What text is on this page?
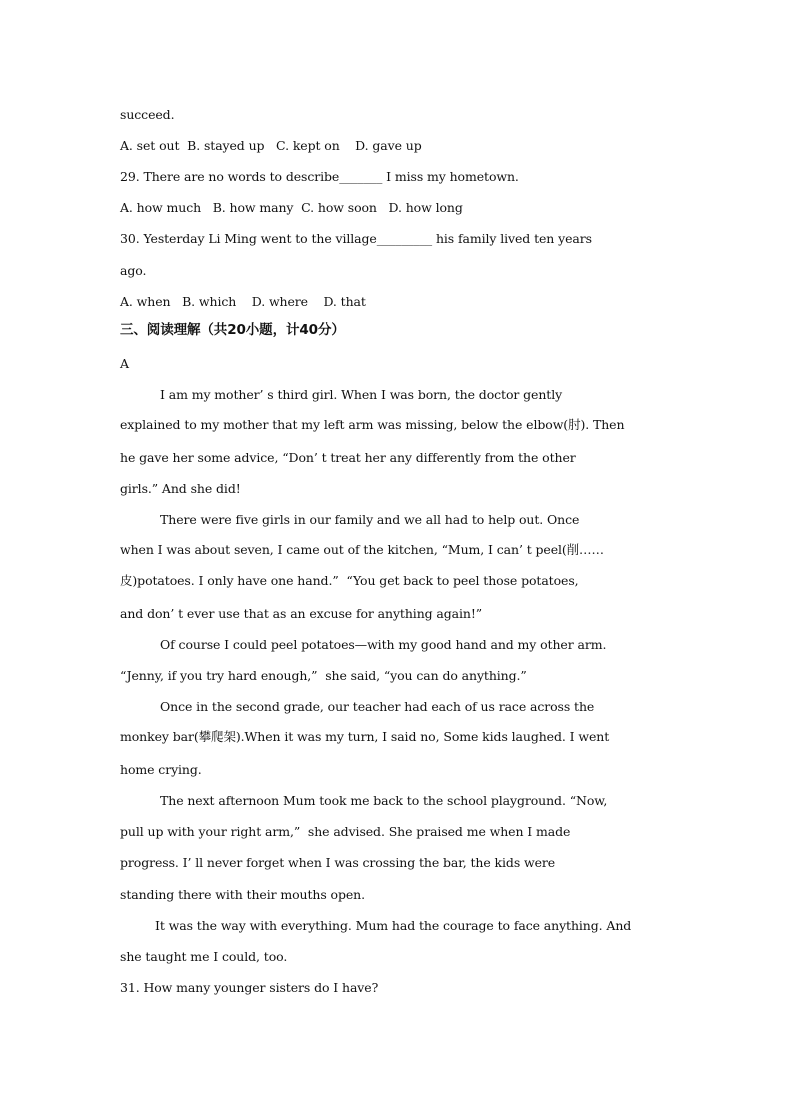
succeed.
A. set out  B. stayed up   C. kept on    D. gave up
29. There are no words to describe_______ I miss my hometown.
A. how much   B. how many  C. how soon   D. how long
30. Yesterday Li Ming went to the village_________ his family lived ten years
ago.
A. when   B. which    D. where    D. that
三、阅读理解（共20小题，计40分）
A
I am my mother’ s third girl. When I was born, the doctor gently
explained to my mother that my left arm was missing, below the elbow(肘). Then
he gave her some advice, “Don’ t treat her any differently from the other
girls.” And she did!
There were five girls in our family and we all had to help out. Once
when I was about seven, I came out of the kitchen, “Mum, I can’ t peel(削……
皮)potatoes. I only have one hand.”  “You get back to peel those potatoes,
and don’ t ever use that as an excuse for anything again!”
Of course I could peel potatoes—with my good hand and my other arm.
“Jenny, if you try hard enough,”  she said, “you can do anything.”
Once in the second grade, our teacher had each of us race across the
monkey bar(攀爬架).When it was my turn, I said no, Some kids laughed. I went
home crying.
The next afternoon Mum took me back to the school playground. “Now,
pull up with your right arm,”  she advised. She praised me when I made
progress. I’ ll never forget when I was crossing the bar, the kids were
standing there with their mouths open.
It was the way with everything. Mum had the courage to face anything. And
she taught me I could, too.
31. How many younger sisters do I have?
